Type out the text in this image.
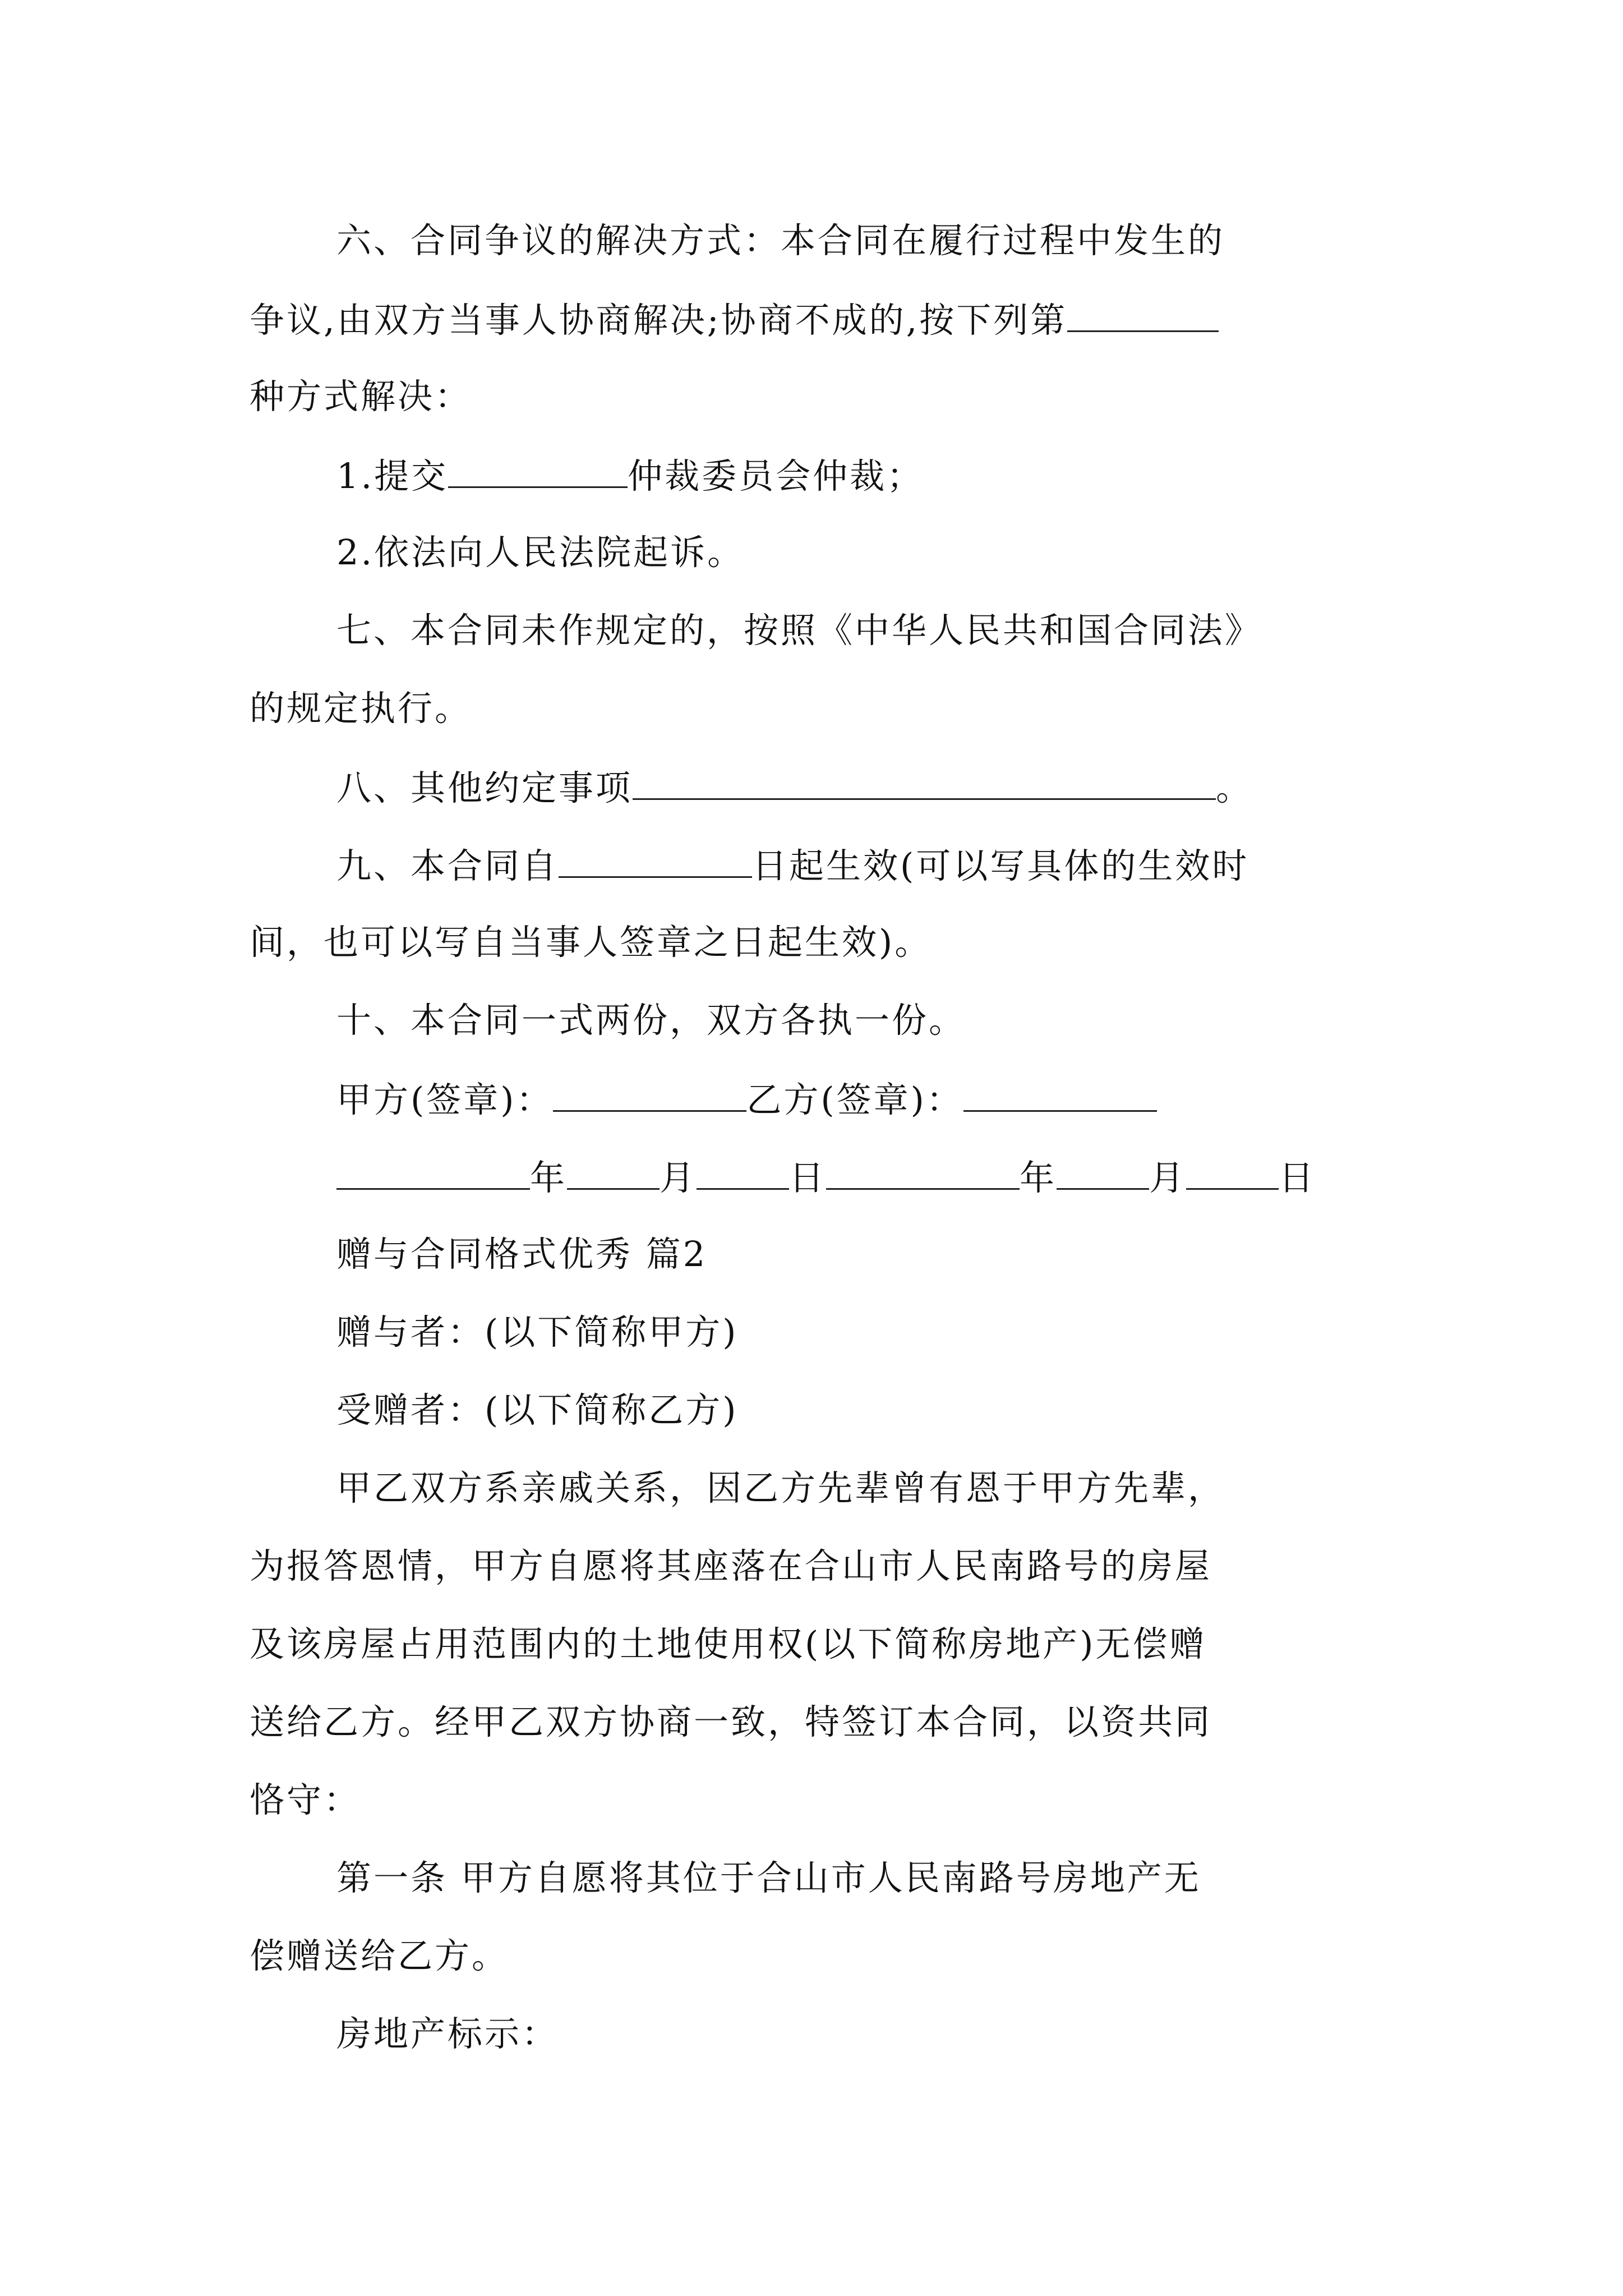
六、合同争议的解决方式：本合同在履行过程中发生的

争议,由双方当事人协商解决;协商不成的,按下列第

种方式解决：

1.提交	仲裁委员会仲裁；

2.依法向人民法院起诉。

七、本合同未作规定的，按照《中华人民共和国合同法》

的规定执行。

八、其他约定事项	。

九、本合同自	日起生效(可以写具体的生效时

间，也可以写自当事人签章之日起生效)。

十、本合同一式两份，双方各执一份。

甲方(签章)：	乙方(签章)：

年	月	日	年	月	日

赠与合同格式优秀 篇2

赠与者：(以下简称甲方)

受赠者：(以下简称乙方)

甲乙双方系亲戚关系，因乙方先辈曾有恩于甲方先辈，

为报答恩情，甲方自愿将其座落在合山市人民南路号的房屋

及该房屋占用范围内的土地使用权(以下简称房地产)无偿赠

送给乙方。经甲乙双方协商一致，特签订本合同，以资共同

恪守：

第一条 甲方自愿将其位于合山市人民南路号房地产无

偿赠送给乙方。

房地产标示：
